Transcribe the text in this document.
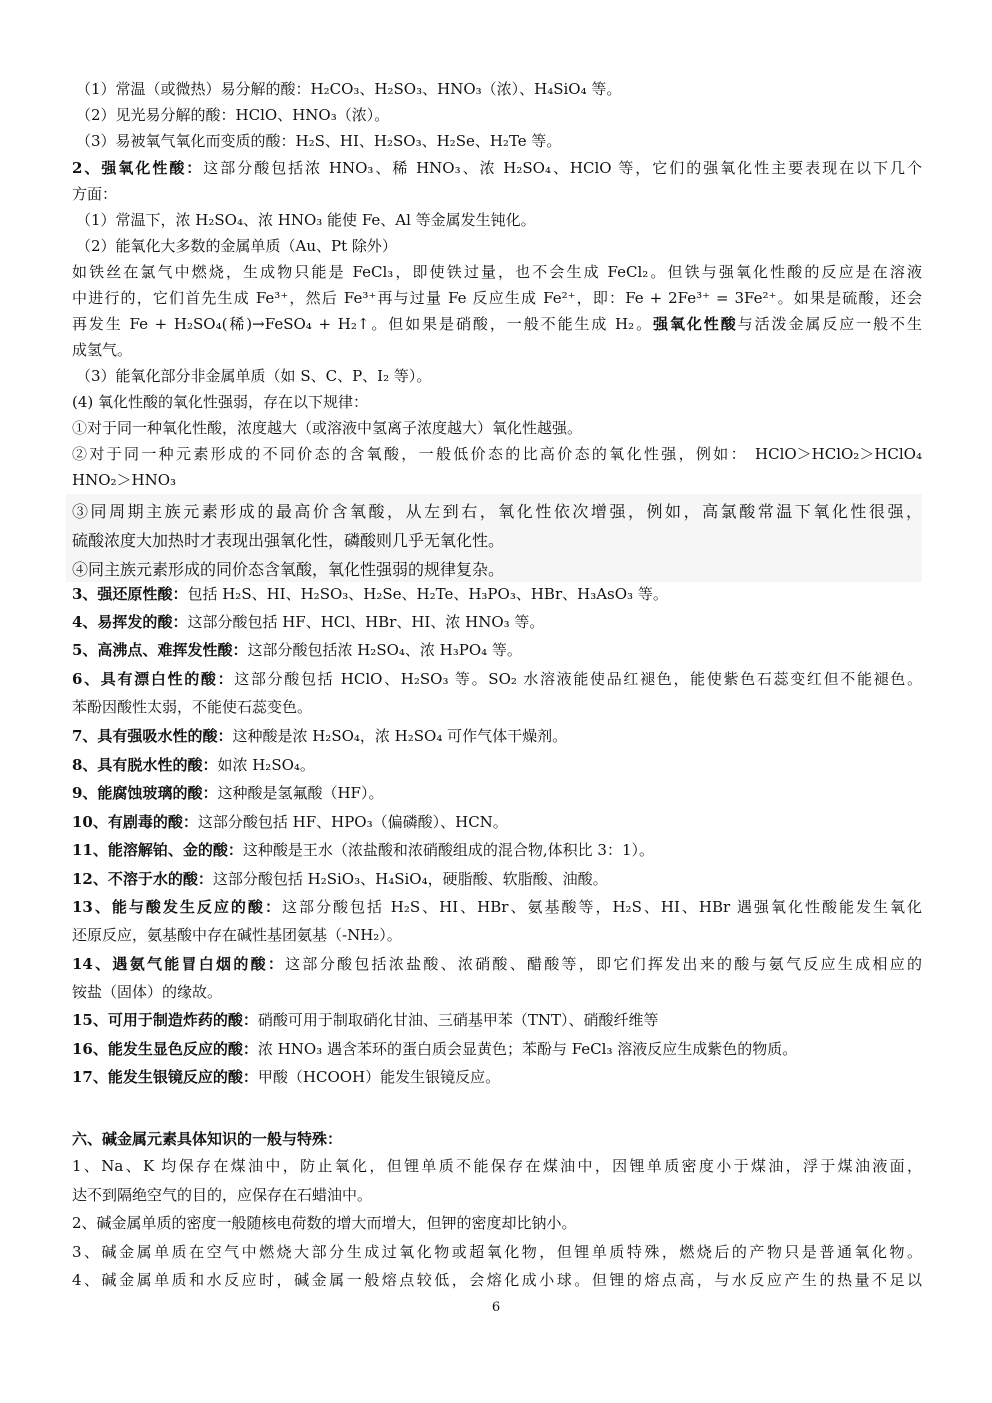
（1）常温（或微热）易分解的酸：H₂CO₃、H₂SO₃、HNO₃（浓）、H₄SiO₄ 等。
（2）见光易分解的酸：HClO、HNO₃（浓）。
（3）易被氧气氧化而变质的酸：H₂S、HI、H₂SO₃、H₂Se、H₂Te 等。
2、强氧化性酸：这部分酸包括浓 HNO₃、稀 HNO₃、浓 H₂SO₄、HClO 等，它们的强氧化性主要表现在以下几个
方面：
（1）常温下，浓 H₂SO₄、浓 HNO₃ 能使 Fe、Al 等金属发生钝化。
（2）能氧化大多数的金属单质（Au、Pt 除外）
如铁丝在氯气中燃烧，生成物只能是 FeCl₃，即使铁过量，也不会生成 FeCl₂。但铁与强氧化性酸的反应是在溶液
中进行的，它们首先生成 Fe³⁺，然后 Fe³⁺再与过量 Fe 反应生成 Fe²⁺，即：Fe + 2Fe³⁺ = 3Fe²⁺。如果是硫酸，还会
再发生 Fe + H₂SO₄(稀)→FeSO₄ + H₂↑。但如果是硝酸，一般不能生成 H₂。强氧化性酸与活泼金属反应一般不生
成氢气。
（3）能氧化部分非金属单质（如 S、C、P、I₂ 等）。
(4) 氧化性酸的氧化性强弱，存在以下规律：
①对于同一种氧化性酸，浓度越大（或溶液中氢离子浓度越大）氧化性越强。
②对于同一种元素形成的不同价态的含氧酸，一般低价态的比高价态的氧化性强，例如： HClO＞HClO₂＞HClO₄
HNO₂＞HNO₃
③同周期主族元素形成的最高价含氧酸，从左到右，氧化性依次增强，例如，高氯酸常温下氧化性很强，
硫酸浓度大加热时才表现出强氧化性，磷酸则几乎无氧化性。
④同主族元素形成的同价态含氧酸，氧化性强弱的规律复杂。
3、强还原性酸：包括 H₂S、HI、H₂SO₃、H₂Se、H₂Te、H₃PO₃、HBr、H₃AsO₃ 等。
4、易挥发的酸：这部分酸包括 HF、HCl、HBr、HI、浓 HNO₃ 等。
5、高沸点、难挥发性酸：这部分酸包括浓 H₂SO₄、浓 H₃PO₄ 等。
6、具有漂白性的酸：这部分酸包括 HClO、H₂SO₃ 等。SO₂ 水溶液能使品红褪色，能使紫色石蕊变红但不能褪色。
苯酚因酸性太弱，不能使石蕊变色。
7、具有强吸水性的酸：这种酸是浓 H₂SO₄，浓 H₂SO₄ 可作气体干燥剂。
8、具有脱水性的酸：如浓 H₂SO₄。
9、能腐蚀玻璃的酸：这种酸是氢氟酸（HF）。
10、有剧毒的酸：这部分酸包括 HF、HPO₃（偏磷酸）、HCN。
11、能溶解铂、金的酸：这种酸是王水（浓盐酸和浓硝酸组成的混合物,体积比 3：1）。
12、不溶于水的酸：这部分酸包括 H₂SiO₃、H₄SiO₄，硬脂酸、软脂酸、油酸。
13、能与酸发生反应的酸：这部分酸包括 H₂S、HI、HBr、氨基酸等，H₂S、HI、HBr 遇强氧化性酸能发生氧化
还原反应，氨基酸中存在碱性基团氨基（-NH₂）。
14、遇氨气能冒白烟的酸：这部分酸包括浓盐酸、浓硝酸、醋酸等，即它们挥发出来的酸与氨气反应生成相应的
铵盐（固体）的缘故。
15、可用于制造炸药的酸：硝酸可用于制取硝化甘油、三硝基甲苯（TNT）、硝酸纤维等
16、能发生显色反应的酸：浓 HNO₃ 遇含苯环的蛋白质会显黄色；苯酚与 FeCl₃ 溶液反应生成紫色的物质。
17、能发生银镜反应的酸：甲酸（HCOOH）能发生银镜反应。
六、碱金属元素具体知识的一般与特殊：
1、Na、K 均保存在煤油中，防止氧化，但锂单质不能保存在煤油中，因锂单质密度小于煤油，浮于煤油液面，
达不到隔绝空气的目的，应保存在石蜡油中。
2、碱金属单质的密度一般随核电荷数的增大而增大，但钾的密度却比钠小。
3、碱金属单质在空气中燃烧大部分生成过氧化物或超氧化物，但锂单质特殊，燃烧后的产物只是普通氧化物。
4、碱金属单质和水反应时，碱金属一般熔点较低，会熔化成小球。但锂的熔点高，与水反应产生的热量不足以
6
